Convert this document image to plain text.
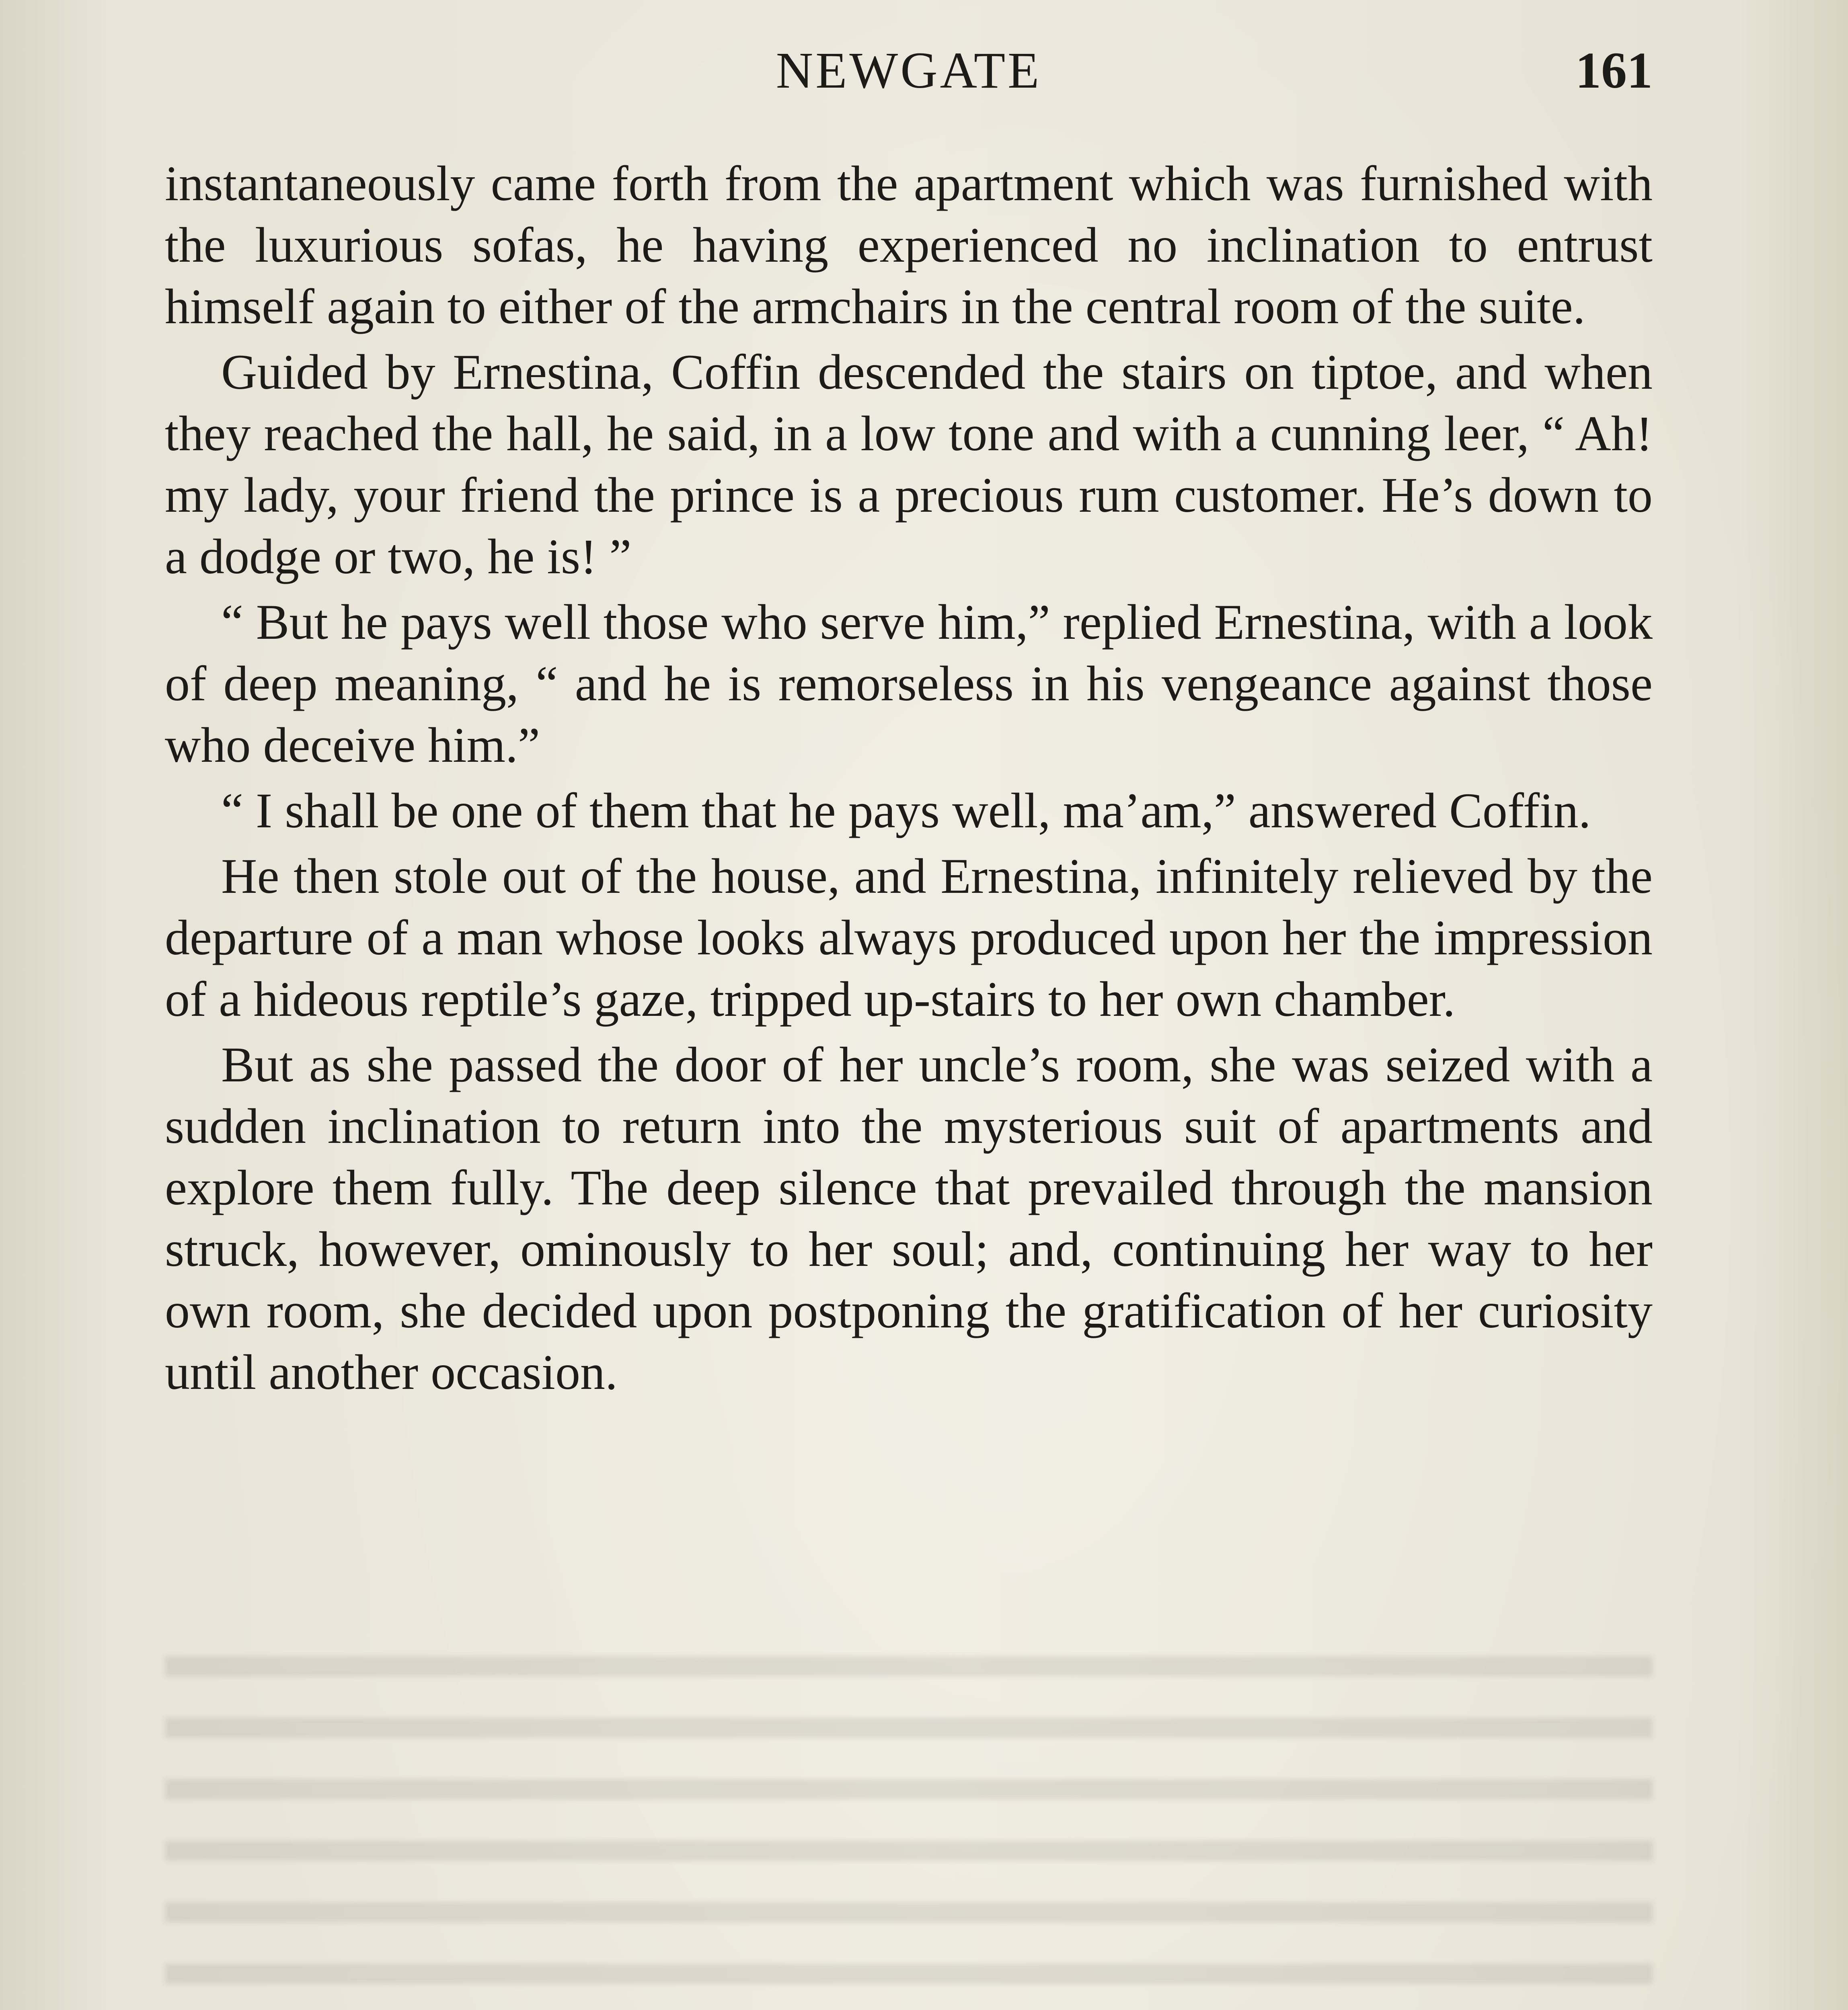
NEWGATE	161

instantaneously came forth from the apartment which was furnished with the luxurious sofas, he having experienced no inclination to entrust himself again to either of the armchairs in the central room of the suite.

Guided by Ernestina, Coffin descended the stairs on tiptoe, and when they reached the hall, he said, in a low tone and with a cunning leer, “ Ah! my lady, your friend the prince is a precious rum customer. He’s down to a dodge or two, he is! ”

“ But he pays well those who serve him,” replied Ernestina, with a look of deep meaning, “ and he is remorseless in his vengeance against those who deceive him.”

“ I shall be one of them that he pays well, ma’am,” answered Coffin.

He then stole out of the house, and Ernestina, infinitely relieved by the departure of a man whose looks always produced upon her the impression of a hideous reptile’s gaze, tripped up-stairs to her own chamber.

But as she passed the door of her uncle’s room, she was seized with a sudden inclination to return into the mysterious suit of apartments and explore them fully. The deep silence that prevailed through the mansion struck, however, ominously to her soul; and, continuing her way to her own room, she decided upon postponing the gratification of her curiosity until another occasion.
